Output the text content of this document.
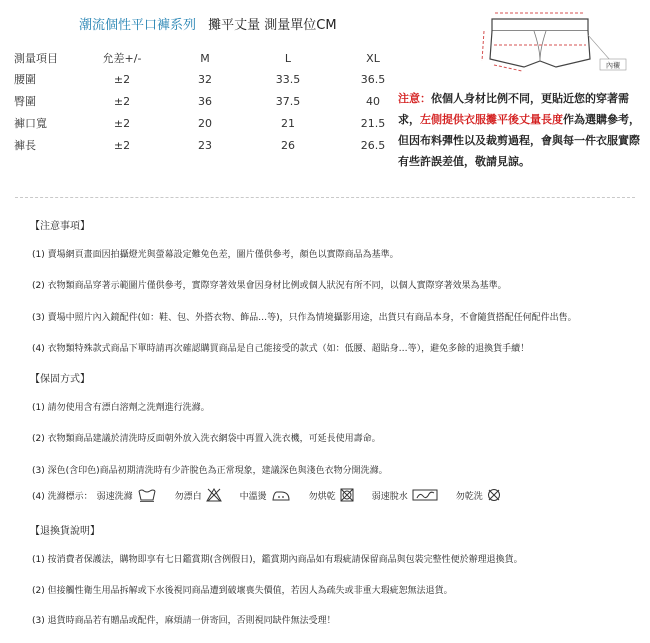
潮流個性平口褲系列 攤平丈量 測量單位CM
測量項目	允差+/-	M	L	XL
腰圍	±2	32	33.5	36.5
臀圍	±2	36	37.5	40
褲口寬	±2	20	21	21.5
褲長	±2	23	26	26.5
內襯
注意：依個人身材比例不同，更貼近您的穿著需求，左側提供衣服攤平後丈量長度作為選購參考，但因布料彈性以及裁剪過程，會與每一件衣服實際有些許誤差值，敬請見諒。
【注意事項】
(1) 賣場網頁畫面因拍攝燈光與螢幕設定難免色差，圖片僅供參考，顏色以實際商品為基準。
(2) 衣物類商品穿著示範圖片僅供參考，實際穿著效果會因身材比例或個人狀況有所不同，以個人實際穿著效果為基準。
(3) 賣場中照片內入鏡配件(如：鞋、包、外搭衣物、飾品…等)，只作為情境攝影用途，出貨只有商品本身，不會隨貨搭配任何配件出售。
(4) 衣物類特殊款式商品下單時請再次確認購買商品是自己能接受的款式（如：低腰、超貼身…等），避免多餘的退換貨手續！
【保固方式】
(1) 請勿使用含有漂白溶劑之洗劑進行洗滌。
(2) 衣物類商品建議於清洗時反面朝外放入洗衣網袋中再置入洗衣機，可延長使用壽命。
(3) 深色(含印色)商品初期清洗時有少許脫色為正常現象，建議深色與淺色衣物分開洗滌。
(4) 洗滌標示： 弱速洗滌	勿漂白	中溫燙	勿烘乾	弱速脫水	勿乾洗
【退換貨說明】
(1) 按消費者保護法，購物即享有七日鑑賞期(含例假日)，鑑賞期內商品如有瑕疵請保留商品與包裝完整性便於辦理退換貨。
(2) 但接觸性衛生用品拆解或下水後視同商品遭到破壞喪失價值，若因人為疏失或非重大瑕疵恕無法退貨。
(3) 退貨時商品若有贈品或配件，麻煩請一併寄回，否則視同缺件無法受理！
